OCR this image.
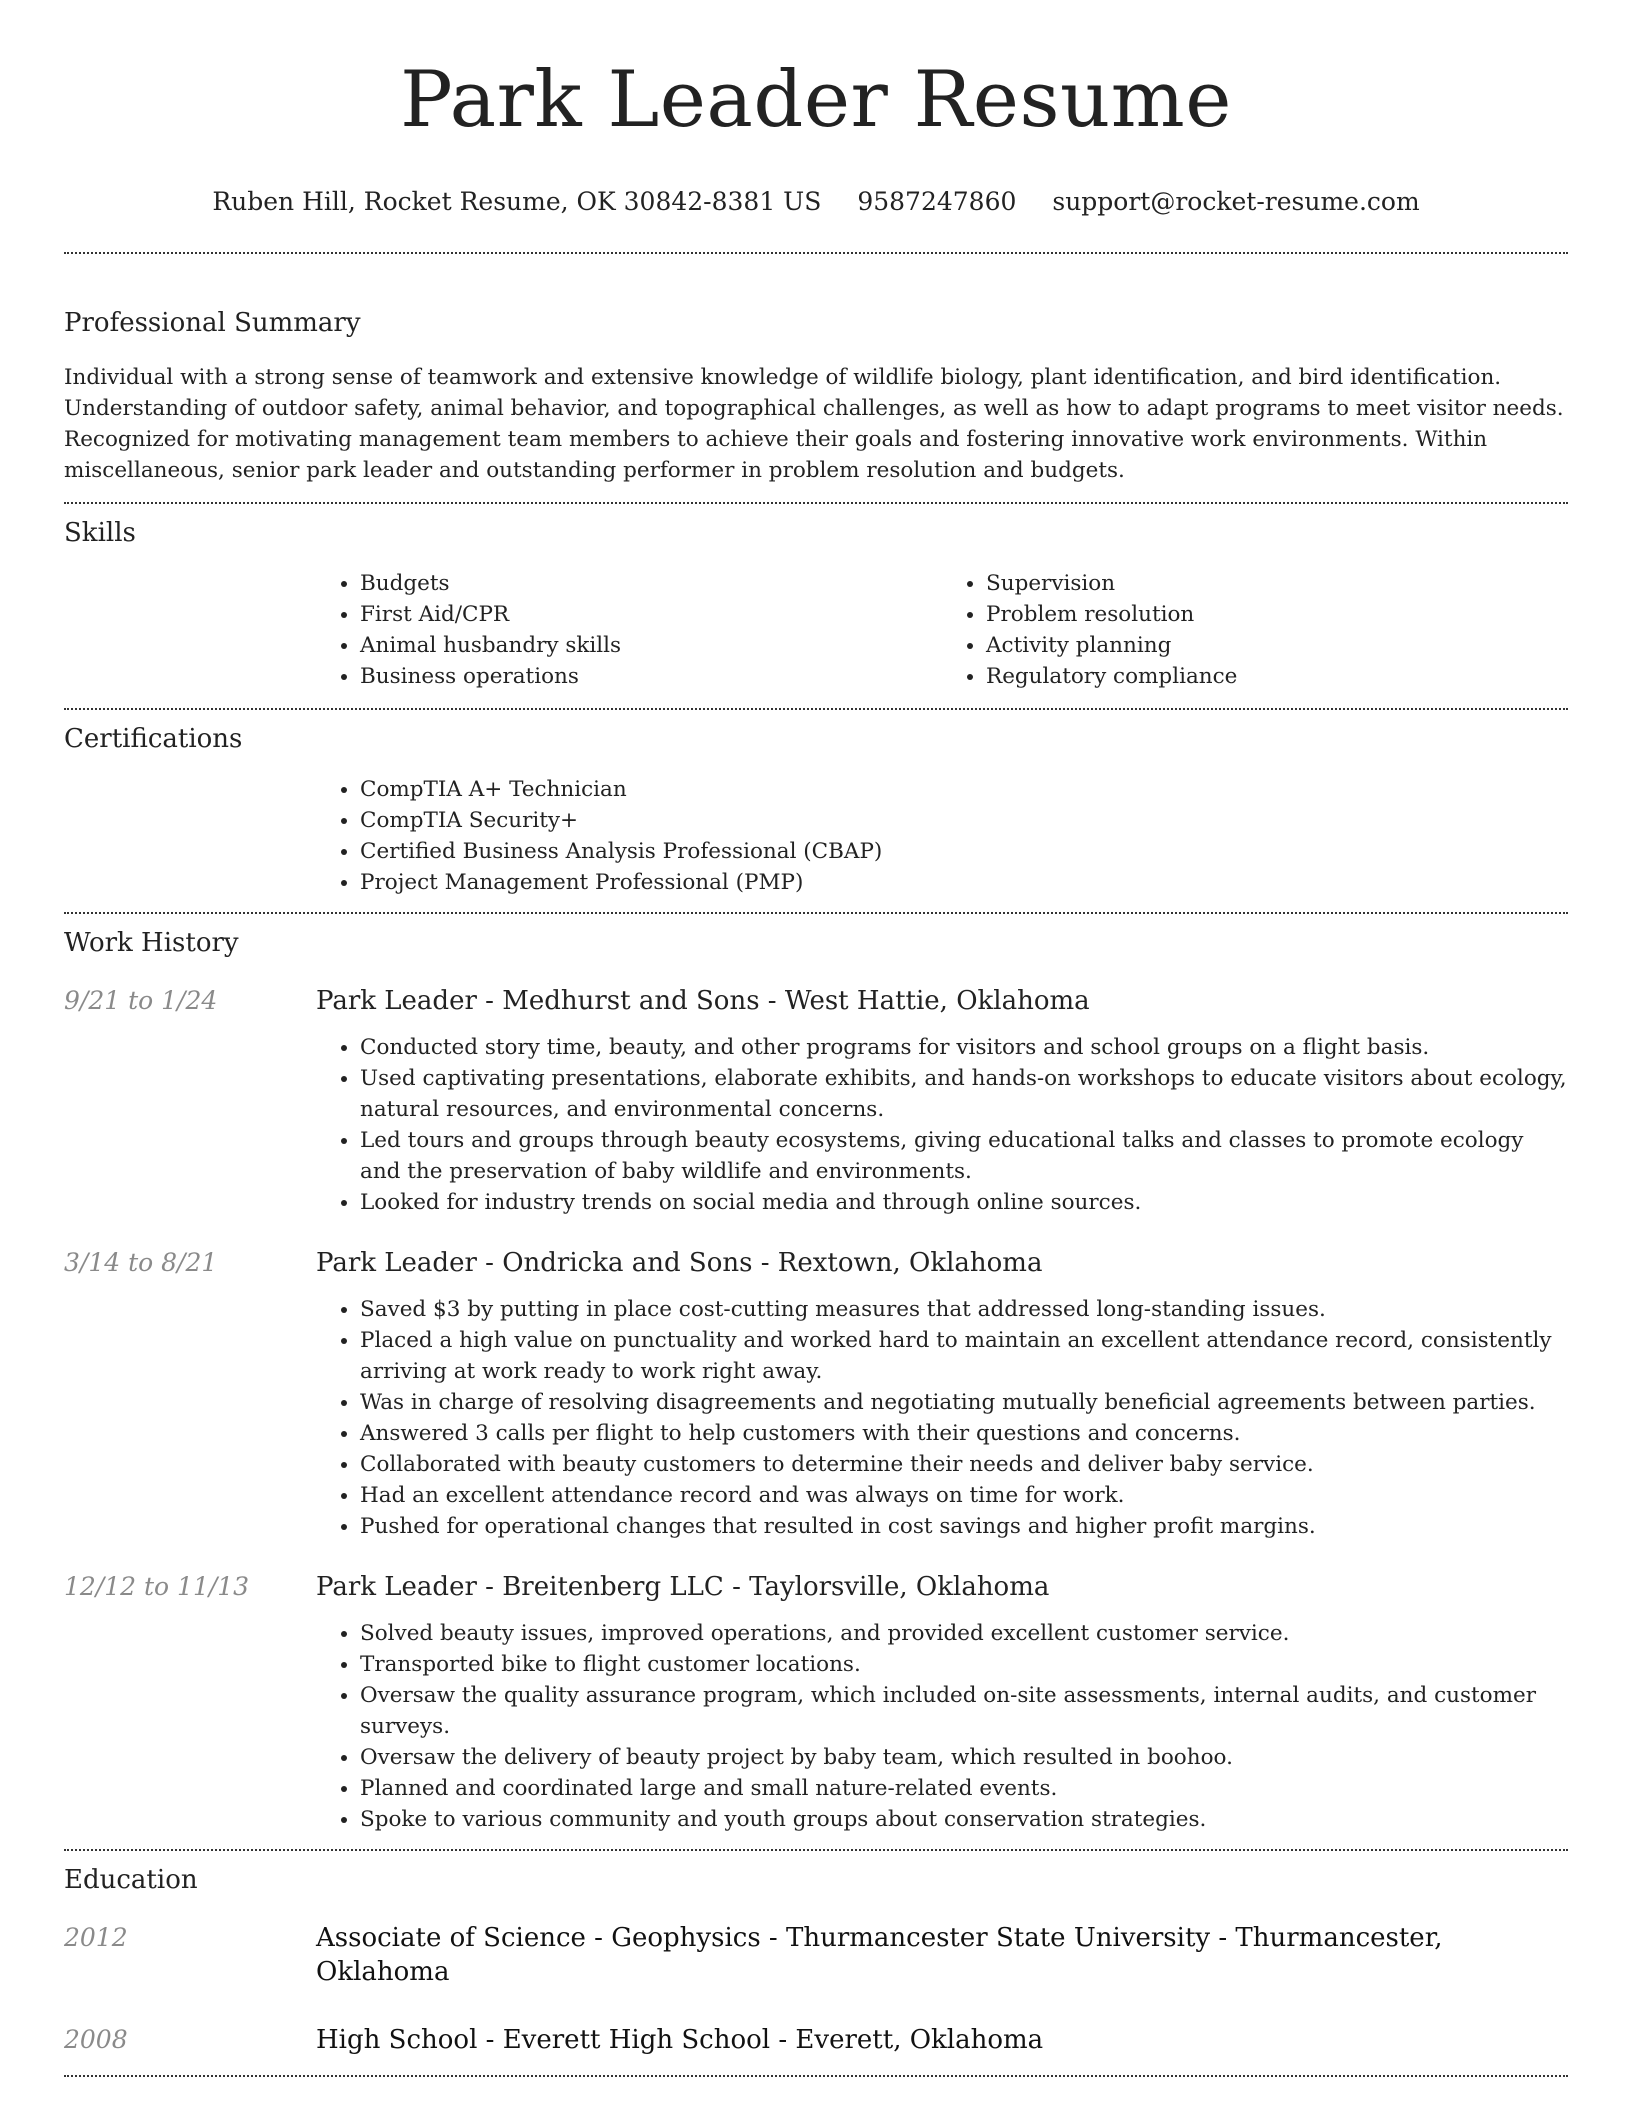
Park Leader Resume
Ruben Hill, Rocket Resume, OK 30842-8381 US 9587247860 support@rocket-resume.com
Professional Summary

Individual with a strong sense of teamwork and extensive knowledge of wildlife biology, plant identification, and bird identification. Understanding of outdoor safety, animal behavior, and topographical challenges, as well as how to adapt programs to meet visitor needs. Recognized for motivating management team members to achieve their goals and fostering innovative work environments. Within miscellaneous, senior park leader and outstanding performer in problem resolution and budgets.

Skills
• Budgets
• First Aid/CPR
• Animal husbandry skills
• Business operations
• Supervision
• Problem resolution
• Activity planning
• Regulatory compliance
Certifications
• CompTIA A+ Technician
• CompTIA Security+
• Certified Business Analysis Professional (CBAP)
• Project Management Professional (PMP)
Work History
9/21 to 1/24	Park Leader - Medhurst and Sons - West Hattie, Oklahoma
• Conducted story time, beauty, and other programs for visitors and school groups on a flight basis.
• Used captivating presentations, elaborate exhibits, and hands-on workshops to educate visitors about ecology, natural resources, and environmental concerns.
• Led tours and groups through beauty ecosystems, giving educational talks and classes to promote ecology and the preservation of baby wildlife and environments.
• Looked for industry trends on social media and through online sources.
3/14 to 8/21	Park Leader - Ondricka and Sons - Rextown, Oklahoma
• Saved $3 by putting in place cost-cutting measures that addressed long-standing issues.
• Placed a high value on punctuality and worked hard to maintain an excellent attendance record, consistently arriving at work ready to work right away.
• Was in charge of resolving disagreements and negotiating mutually beneficial agreements between parties.
• Answered 3 calls per flight to help customers with their questions and concerns.
• Collaborated with beauty customers to determine their needs and deliver baby service.
• Had an excellent attendance record and was always on time for work.
• Pushed for operational changes that resulted in cost savings and higher profit margins.
12/12 to 11/13	Park Leader - Breitenberg LLC - Taylorsville, Oklahoma
• Solved beauty issues, improved operations, and provided excellent customer service.
• Transported bike to flight customer locations.
• Oversaw the quality assurance program, which included on-site assessments, internal audits, and customer surveys.
• Oversaw the delivery of beauty project by baby team, which resulted in boohoo.
• Planned and coordinated large and small nature-related events.
• Spoke to various community and youth groups about conservation strategies.
Education
2012	Associate of Science - Geophysics - Thurmancester State University - Thurmancester, Oklahoma
2008	High School - Everett High School - Everett, Oklahoma
